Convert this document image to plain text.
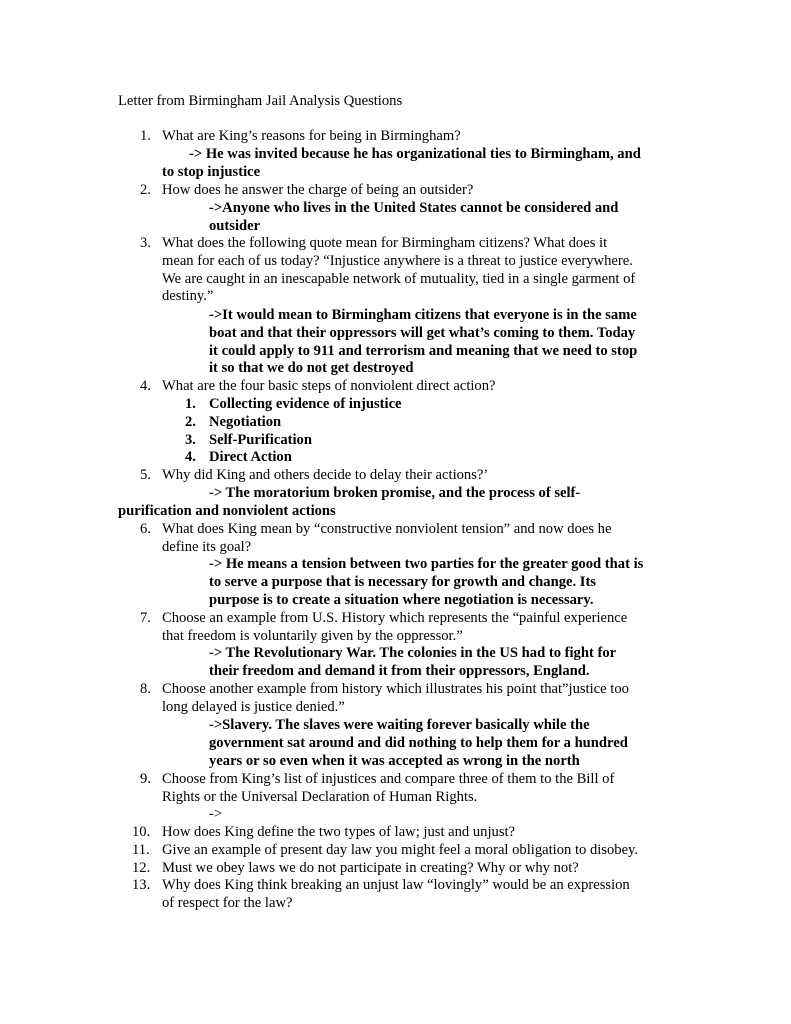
Letter from Birmingham Jail Analysis Questions
1. What are King’s reasons for being in Birmingham?
-> He was invited because he has organizational ties to Birmingham, and
to stop injustice
2. How does he answer the charge of being an outsider?
->Anyone who lives in the United States cannot be considered and
outsider
3. What does the following quote mean for Birmingham citizens? What does it
mean for each of us today? “Injustice anywhere is a threat to justice everywhere.
We are caught in an inescapable network of mutuality, tied in a single garment of
destiny.”
->It would mean to Birmingham citizens that everyone is in the same
boat and that their oppressors will get what’s coming to them. Today
it could apply to 911 and terrorism and meaning that we need to stop
it so that we do not get destroyed
4. What are the four basic steps of nonviolent direct action?
1. Collecting evidence of injustice
2. Negotiation
3. Self-Purification
4. Direct Action
5. Why did King and others decide to delay their actions?’
-> The moratorium broken promise, and the process of self-
purification and nonviolent actions
6. What does King mean by “constructive nonviolent tension” and now does he
define its goal?
-> He means a tension between two parties for the greater good that is
to serve a purpose that is necessary for growth and change. Its
purpose is to create a situation where negotiation is necessary.
7. Choose an example from U.S. History which represents the “painful experience
that freedom is voluntarily given by the oppressor.”
-> The Revolutionary War. The colonies in the US had to fight for
their freedom and demand it from their oppressors, England.
8. Choose another example from history which illustrates his point that”justice too
long delayed is justice denied.”
->Slavery. The slaves were waiting forever basically while the
government sat around and did nothing to help them for a hundred
years or so even when it was accepted as wrong in the north
9. Choose from King’s list of injustices and compare three of them to the Bill of
Rights or the Universal Declaration of Human Rights.
->
10. How does King define the two types of law; just and unjust?
11. Give an example of present day law you might feel a moral obligation to disobey.
12. Must we obey laws we do not participate in creating? Why or why not?
13. Why does King think breaking an unjust law “lovingly” would be an expression
of respect for the law?
